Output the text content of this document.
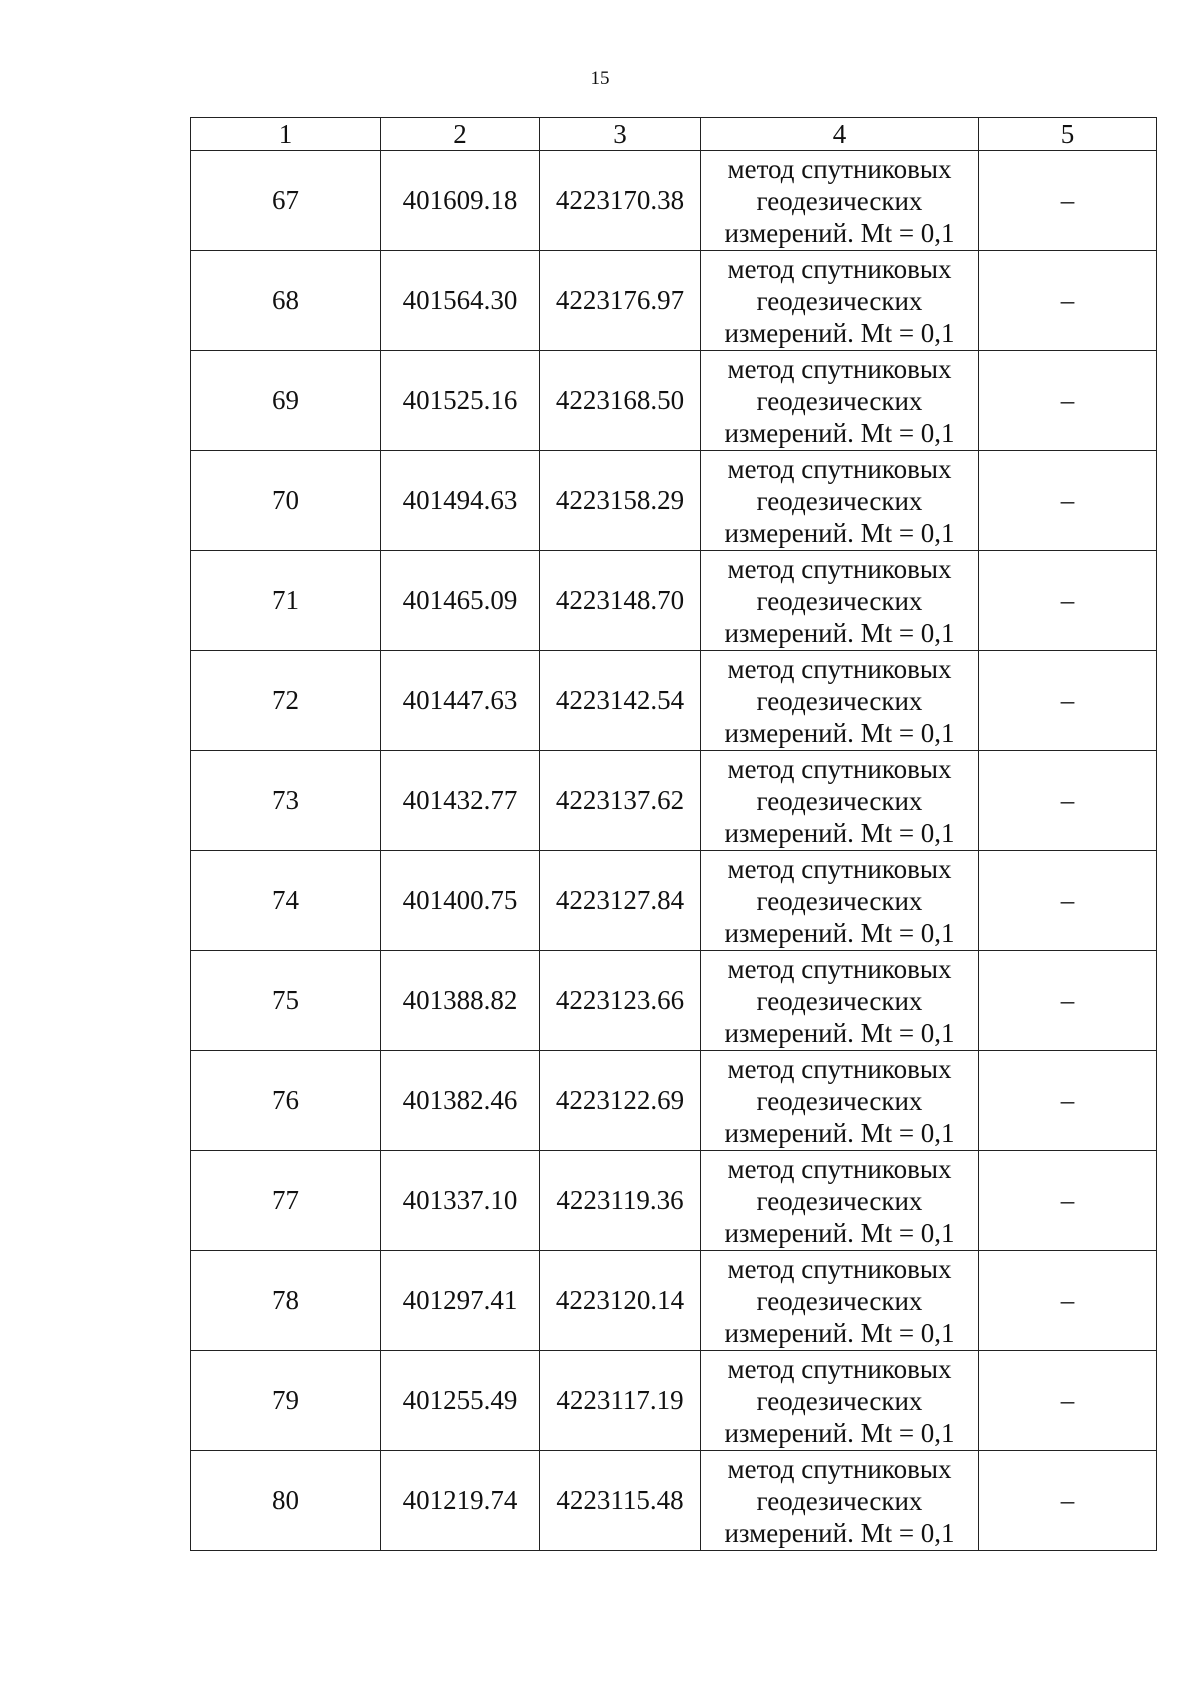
15
1	2	3	4	5
67	401609.18	4223170.38	метод спутниковых геодезических измерений. Mt = 0,1	–
68	401564.30	4223176.97	метод спутниковых геодезических измерений. Mt = 0,1	–
69	401525.16	4223168.50	метод спутниковых геодезических измерений. Mt = 0,1	–
70	401494.63	4223158.29	метод спутниковых геодезических измерений. Mt = 0,1	–
71	401465.09	4223148.70	метод спутниковых геодезических измерений. Mt = 0,1	–
72	401447.63	4223142.54	метод спутниковых геодезических измерений. Mt = 0,1	–
73	401432.77	4223137.62	метод спутниковых геодезических измерений. Mt = 0,1	–
74	401400.75	4223127.84	метод спутниковых геодезических измерений. Mt = 0,1	–
75	401388.82	4223123.66	метод спутниковых геодезических измерений. Mt = 0,1	–
76	401382.46	4223122.69	метод спутниковых геодезических измерений. Mt = 0,1	–
77	401337.10	4223119.36	метод спутниковых геодезических измерений. Mt = 0,1	–
78	401297.41	4223120.14	метод спутниковых геодезических измерений. Mt = 0,1	–
79	401255.49	4223117.19	метод спутниковых геодезических измерений. Mt = 0,1	–
80	401219.74	4223115.48	метод спутниковых геодезических измерений. Mt = 0,1	–
